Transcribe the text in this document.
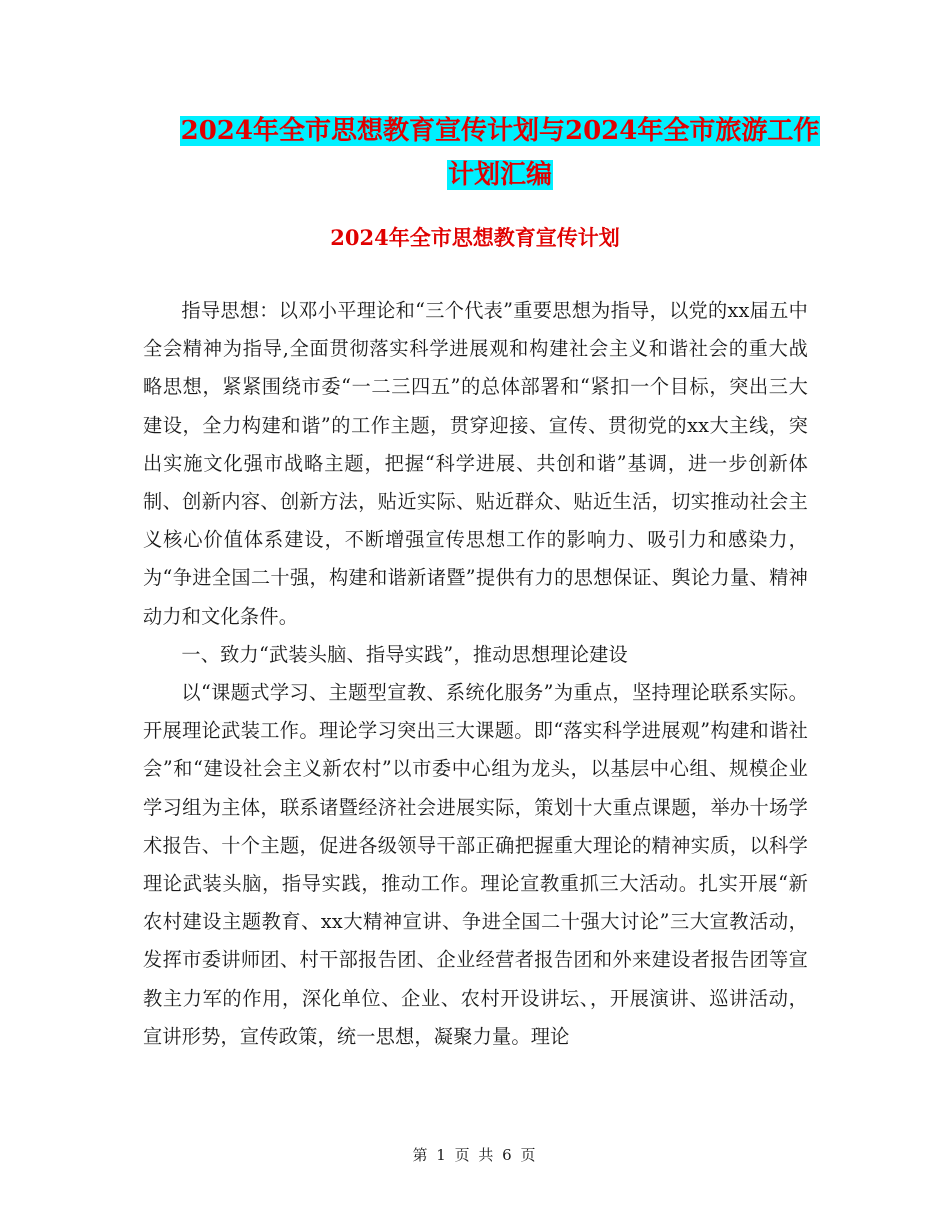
2024年全市思想教育宣传计划与2024年全市旅游工作
计划汇编
2024年全市思想教育宣传计划

指导思想：以邓小平理论和“三个代表”重要思想为指导，以党的xx届五中全会精神为指导,全面贯彻落实科学进展观和构建社会主义和谐社会的重大战略思想，紧紧围绕市委“一二三四五”的总体部署和“紧扣一个目标，突出三大建设，全力构建和谐”的工作主题，贯穿迎接、宣传、贯彻党的xx大主线，突出实施文化强市战略主题，把握“科学进展、共创和谐”基调，进一步创新体制、创新内容、创新方法，贴近实际、贴近群众、贴近生活，切实推动社会主义核心价值体系建设，不断增强宣传思想工作的影响力、吸引力和感染力，为“争进全国二十强，构建和谐新诸暨”提供有力的思想保证、舆论力量、精神动力和文化条件。

一、致力“武装头脑、指导实践”，推动思想理论建设

以“课题式学习、主题型宣教、系统化服务”为重点，坚持理论联系实际。开展理论武装工作。理论学习突出三大课题。即“落实科学进展观”构建和谐社会”和“建设社会主义新农村”以市委中心组为龙头，以基层中心组、规模企业学习组为主体，联系诸暨经济社会进展实际，策划十大重点课题，举办十场学术报告、十个主题，促进各级领导干部正确把握重大理论的精神实质，以科学理论武装头脑，指导实践，推动工作。理论宣教重抓三大活动。扎实开展“新农村建设主题教育、xx大精神宣讲、争进全国二十强大讨论”三大宣教活动，发挥市委讲师团、村干部报告团、企业经营者报告团和外来建设者报告团等宣教主力军的作用，深化单位、企业、农村开设讲坛、，开展演讲、巡讲活动，宣讲形势，宣传政策，统一思想，凝聚力量。理论

第 1 页 共 6 页
